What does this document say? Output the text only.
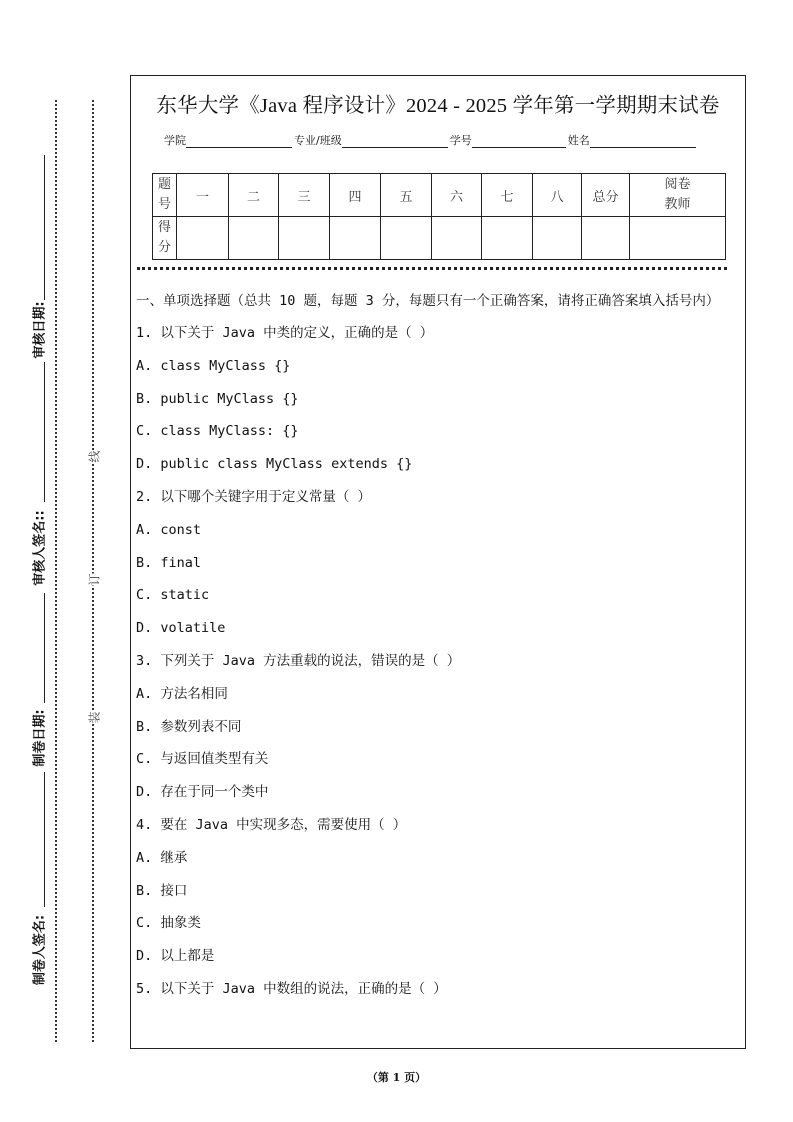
审核日期:
审核人签名::
制卷日期:
制卷人签名:
线
订
装
东华大学《Java 程序设计》2024 - 2025 学年第一学期期末试卷
学院	专业/班级	学号	姓名
题号	一	二	三	四	五	六	七	八	总分	阅卷教师
得分										
一、单项选择题（总共 10 题，每题 3 分，每题只有一个正确答案，请将正确答案填入括号内）
1. 以下关于 Java 中类的定义，正确的是（ ）
A. class MyClass {}
B. public MyClass {}
C. class MyClass: {}
D. public class MyClass extends {}
2. 以下哪个关键字用于定义常量（ ）
A. const
B. final
C. static
D. volatile
3. 下列关于 Java 方法重载的说法，错误的是（ ）
A. 方法名相同
B. 参数列表不同
C. 与返回值类型有关
D. 存在于同一个类中
4. 要在 Java 中实现多态，需要使用（ ）
A. 继承
B. 接口
C. 抽象类
D. 以上都是
5. 以下关于 Java 中数组的说法，正确的是（ ）
（第 1 页）
